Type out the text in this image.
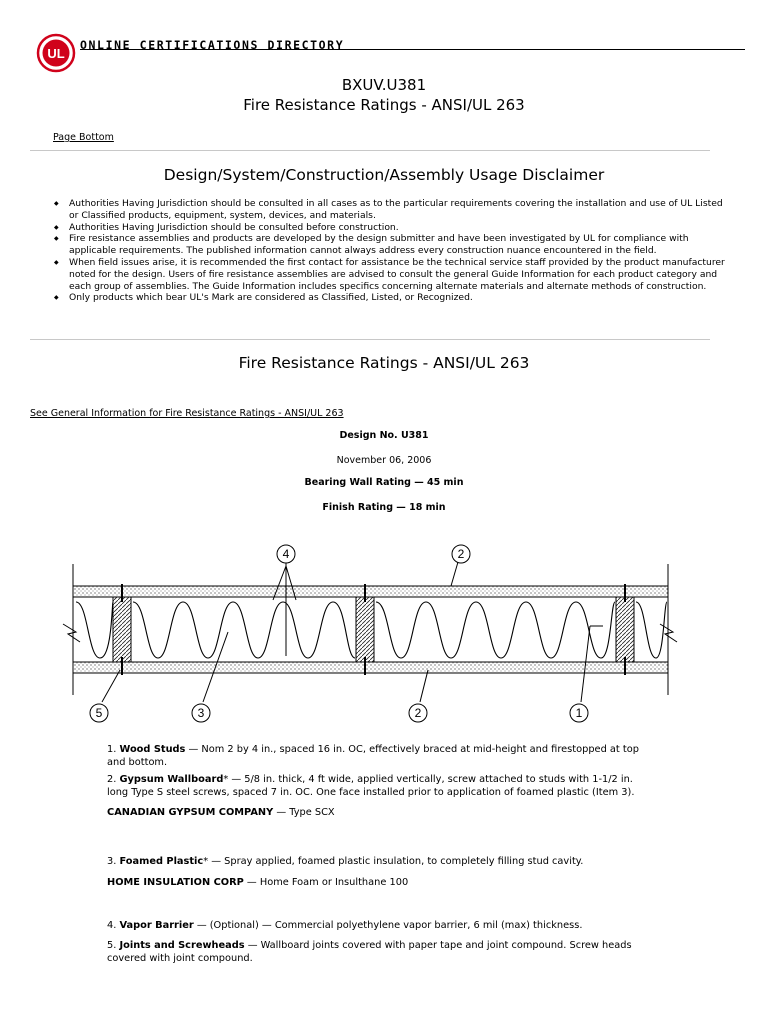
UL
ONLINE CERTIFICATIONS DIRECTORY
BXUV.U381
Fire Resistance Ratings - ANSI/UL 263
Page Bottom
Design/System/Construction/Assembly Usage Disclaimer
◆ Authorities Having Jurisdiction should be consulted in all cases as to the particular requirements covering the installation and use of UL Listed or Classified products, equipment, system, devices, and materials.
◆ Authorities Having Jurisdiction should be consulted before construction.
◆ Fire resistance assemblies and products are developed by the design submitter and have been investigated by UL for compliance with applicable requirements. The published information cannot always address every construction nuance encountered in the field.
◆ When field issues arise, it is recommended the first contact for assistance be the technical service staff provided by the product manufacturer noted for the design. Users of fire resistance assemblies are advised to consult the general Guide Information for each product category and each group of assemblies. The Guide Information includes specifics concerning alternate materials and alternate methods of construction.
◆ Only products which bear UL's Mark are considered as Classified, Listed, or Recognized.
Fire Resistance Ratings - ANSI/UL 263
See General Information for Fire Resistance Ratings - ANSI/UL 263
Design No. U381
November 06, 2006
Bearing Wall Rating — 45 min
Finish Rating — 18 min
4	2
5	3	2	1

1. Wood Studs — Nom 2 by 4 in., spaced 16 in. OC, effectively braced at mid-height and firestopped at top and bottom.

2. Gypsum Wallboard* — 5/8 in. thick, 4 ft wide, applied vertically, screw attached to studs with 1-1/2 in. long Type S steel screws, spaced 7 in. OC. One face installed prior to application of foamed plastic (Item 3).

CANADIAN GYPSUM COMPANY — Type SCX

3. Foamed Plastic* — Spray applied, foamed plastic insulation, to completely filling stud cavity.

HOME INSULATION CORP — Home Foam or Insulthane 100

4. Vapor Barrier — (Optional) — Commercial polyethylene vapor barrier, 6 mil (max) thickness.

5. Joints and Screwheads — Wallboard joints covered with paper tape and joint compound. Screw heads covered with joint compound.
